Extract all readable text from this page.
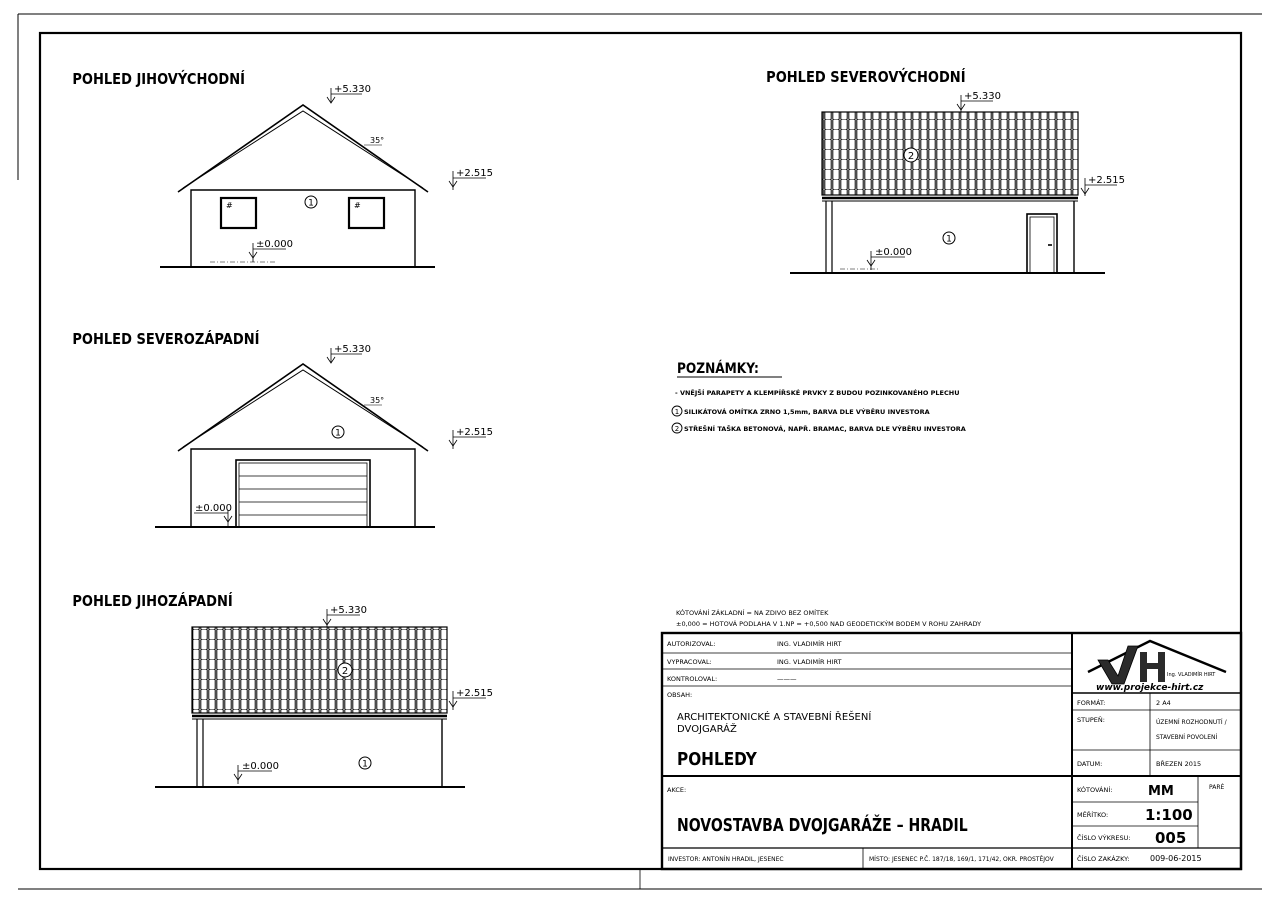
POHLED JIHOVÝCHODNÍ
#	#
1
+5.330
35°
+2.515
±0.000
POHLED SEVEROZÁPADNÍ
1
+5.330
35°
+2.515
±0.000
POHLED JIHOZÁPADNÍ
2
1
+5.330
+2.515
±0.000
POHLED SEVEROVÝCHODNÍ
2
1
+5.330
+2.515
±0.000
POZNÁMKY:
- VNĚJŠÍ PARAPETY A KLEMPÍŘSKÉ PRVKY Z BUDOU POZINKOVANÉHO PLECHU
1 SILIKÁTOVÁ OMÍTKA ZRNO 1,5mm, BARVA DLE VÝBĚRU INVESTORA
2 STŘEŠNÍ TAŠKA BETONOVÁ, NAPŘ. BRAMAC, BARVA DLE VÝBĚRU INVESTORA
KÓTOVÁNÍ ZÁKLADNÍ = NA ZDIVO BEZ OMÍTEK
±0,000 = HOTOVÁ PODLAHA V 1.NP = +0,500 NAD GEODETICKÝM BODEM V ROHU ZAHRADY
AUTORIZOVAL:	ING. VLADIMÍR HIRT
VYPRACOVAL:	ING. VLADIMÍR HIRT
KONTROLOVAL:	———
OBSAH:
ARCHITEKTONICKÉ A STAVEBNÍ ŘEŠENÍ
DVOJGARÁŽ
POHLEDY
AKCE:
NOVOSTAVBA DVOJGARÁŽE – HRADIL
INVESTOR: ANTONÍN HRADIL, JESENEC	MÍSTO: JESENEC P.Č. 187/18, 169/1, 171/42, OKR. PROSTĚJOV
Ing. VLADIMÍR HIRT
www.projekce-hirt.cz
FORMÁT:	2 A4
STUPEŇ:	ÚZEMNÍ ROZHODNUTÍ /
STAVEBNÍ POVOLENÍ
DATUM:	BŘEZEN 2015
KÓTOVÁNÍ:	MM	PARÉ
MĚŘÍTKO: 1:100
ČÍSLO VÝKRESU: 005
ČÍSLO ZAKÁZKY:	009-06-2015
